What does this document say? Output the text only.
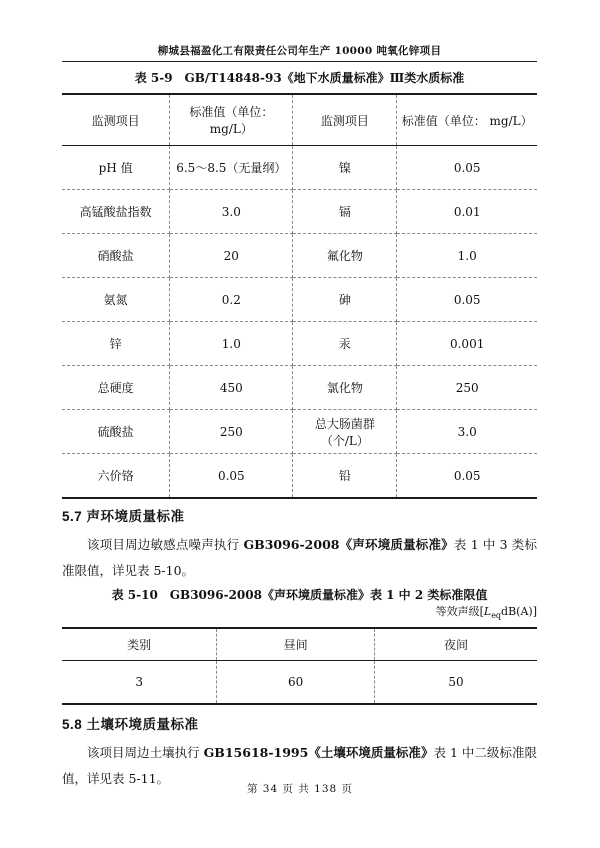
柳城县福盈化工有限责任公司年生产 10000 吨氧化锌项目
表 5-9　GB/T14848-93《地下水质量标准》Ⅲ类水质标准
监测项目	标准值（单位：mg/L）	监测项目	标准值（单位： mg/L）
pH 值	6.5～8.5（无量纲）	镍	0.05
高锰酸盐指数	3.0	镉	0.01
硝酸盐	20	氟化物	1.0
氨氮	0.2	砷	0.05
锌	1.0	汞	0.001
总硬度	450	氯化物	250
硫酸盐	250	总大肠菌群（个/L）	3.0
六价铬	0.05	铅	0.05
5.7 声环境质量标准

该项目周边敏感点噪声执行 GB3096-2008《声环境质量标准》表 1 中 3 类标准限值，详见表 5-10。

表 5-10　GB3096-2008《声环境质量标准》表 1 中 2 类标准限值
等效声级$[L_{eq}dB(A)]$
类别	昼间	夜间
3	60	50
5.8 土壤环境质量标准

该项目周边土壤执行 GB15618-1995《土壤环境质量标准》表 1 中二级标准限值，详见表 5-11。

第 34 页 共 138 页
